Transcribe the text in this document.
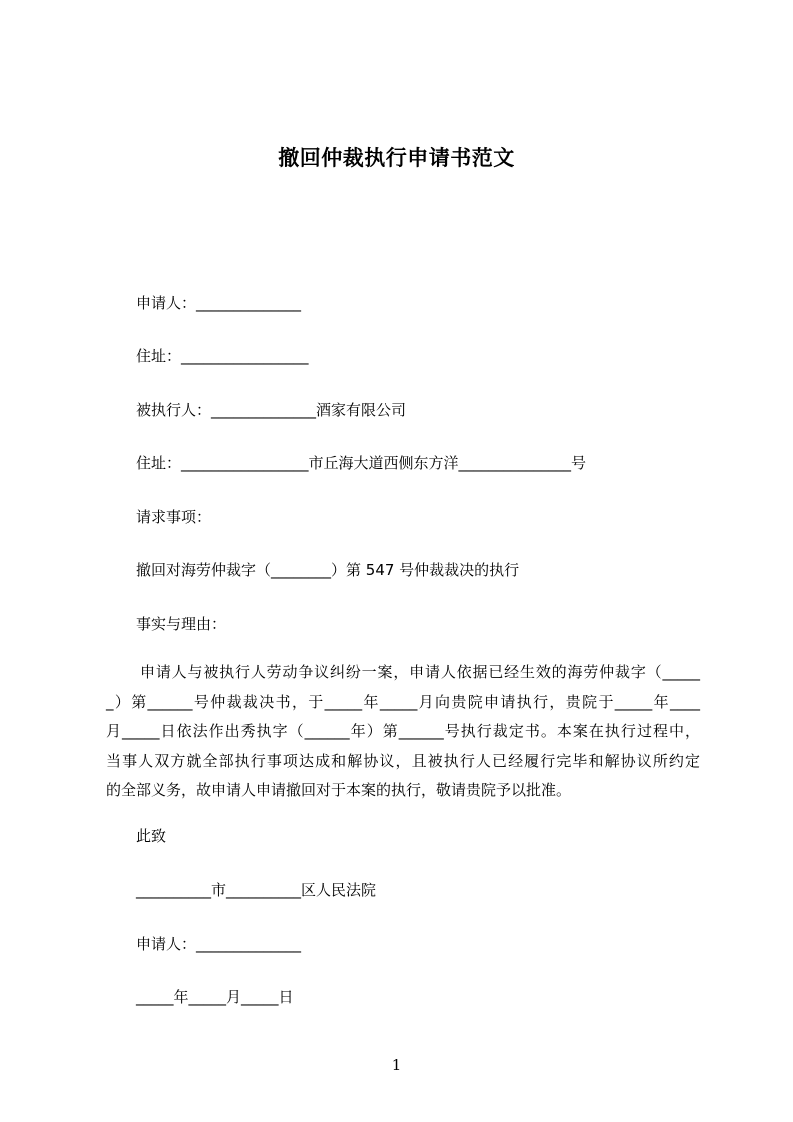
撤回仲裁执行申请书范文
申请人：______________
住址：_________________
被执行人：______________酒家有限公司
住址：_________________市丘海大道西侧东方洋_______________号
请求事项：
撤回对海劳仲裁字（________）第 547 号仲裁裁决的执行
事实与理由：
申请人与被执行人劳动争议纠纷一案，申请人依据已经生效的海劳仲裁字（_____
_）第______号仲裁裁决书，于_____年_____月向贵院申请执行，贵院于_____年____
月_____日依法作出秀执字（______年）第______号执行裁定书。本案在执行过程中，
当事人双方就全部执行事项达成和解协议，且被执行人已经履行完毕和解协议所约定
的全部义务，故申请人申请撤回对于本案的执行，敬请贵院予以批准。
此致
__________市__________区人民法院
申请人：______________
_____年_____月_____日
1
